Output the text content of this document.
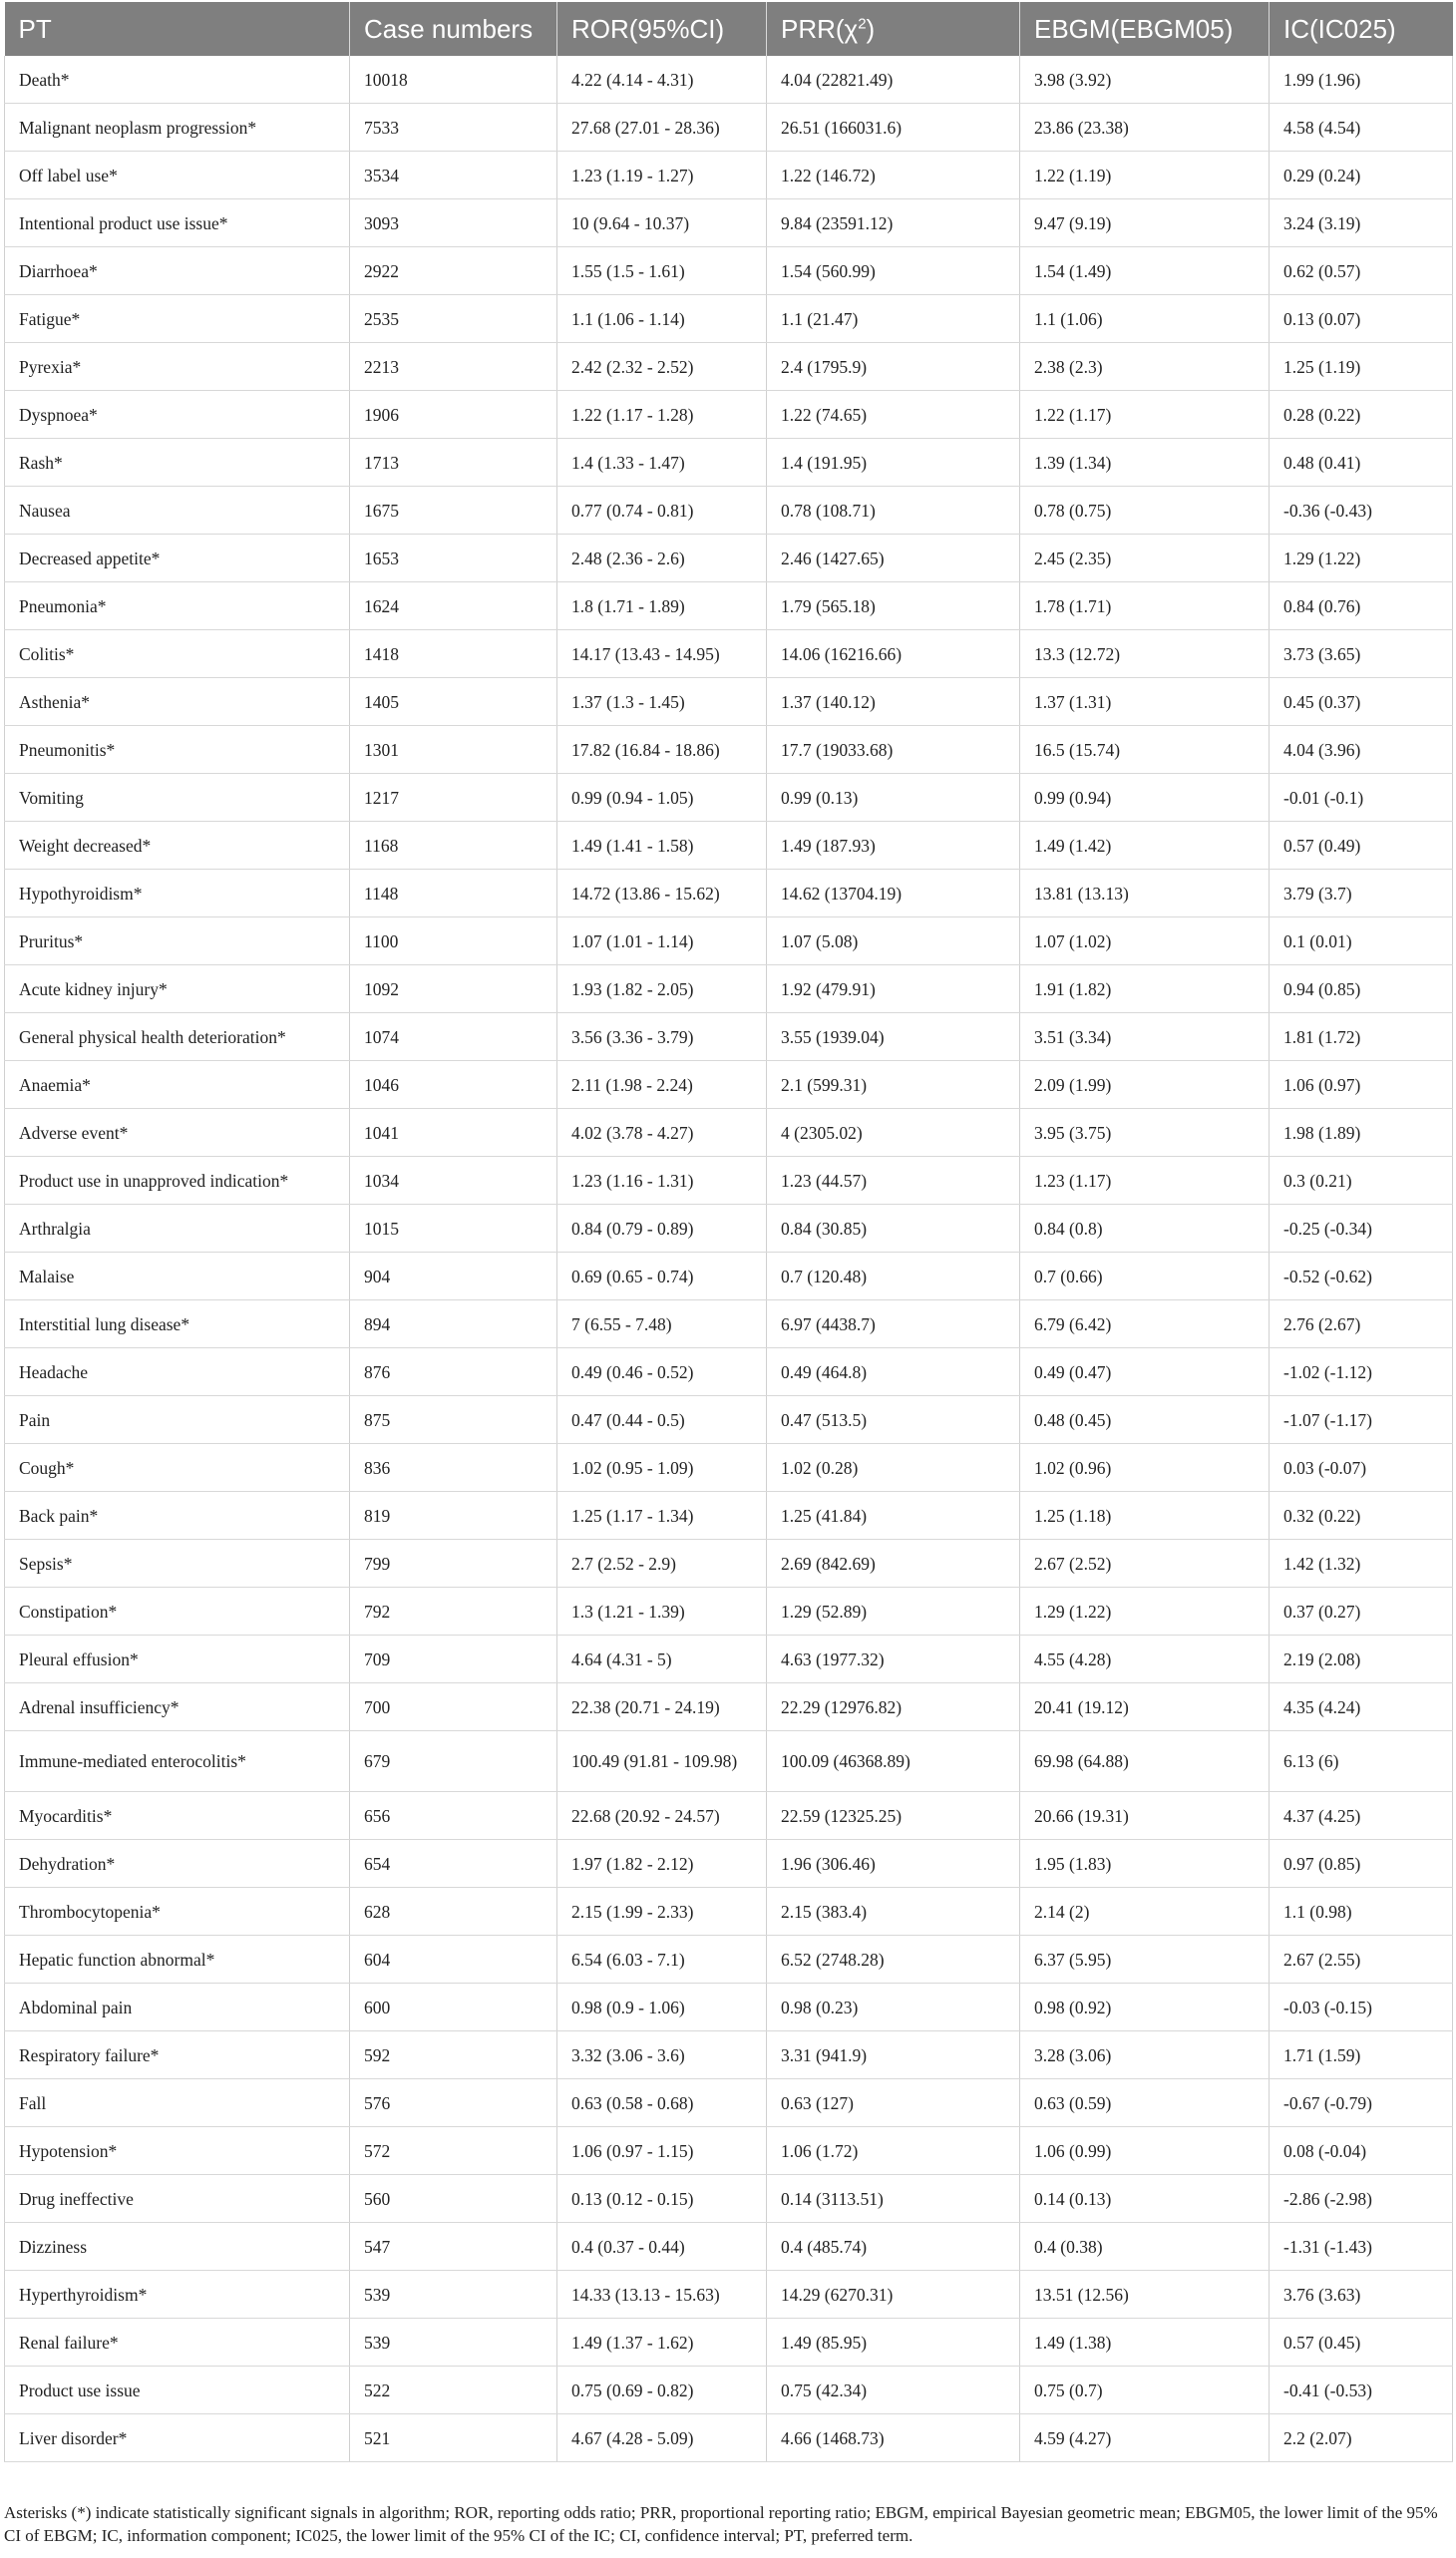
PT	Case numbers	ROR(95%CI)	$PRR(\chi^2)$	EBGM(EBGM05)	IC(IC025)
Death*	10018	4.22 (4.14 - 4.31)	4.04 (22821.49)	3.98 (3.92)	1.99 (1.96)
Malignant neoplasm progression*	7533	27.68 (27.01 - 28.36)	26.51 (166031.6)	23.86 (23.38)	4.58 (4.54)
Off label use*	3534	1.23 (1.19 - 1.27)	1.22 (146.72)	1.22 (1.19)	0.29 (0.24)
Intentional product use issue*	3093	10 (9.64 - 10.37)	9.84 (23591.12)	9.47 (9.19)	3.24 (3.19)
Diarrhoea*	2922	1.55 (1.5 - 1.61)	1.54 (560.99)	1.54 (1.49)	0.62 (0.57)
Fatigue*	2535	1.1 (1.06 - 1.14)	1.1 (21.47)	1.1 (1.06)	0.13 (0.07)
Pyrexia*	2213	2.42 (2.32 - 2.52)	2.4 (1795.9)	2.38 (2.3)	1.25 (1.19)
Dyspnoea*	1906	1.22 (1.17 - 1.28)	1.22 (74.65)	1.22 (1.17)	0.28 (0.22)
Rash*	1713	1.4 (1.33 - 1.47)	1.4 (191.95)	1.39 (1.34)	0.48 (0.41)
Nausea	1675	0.77 (0.74 - 0.81)	0.78 (108.71)	0.78 (0.75)	-0.36 (-0.43)
Decreased appetite*	1653	2.48 (2.36 - 2.6)	2.46 (1427.65)	2.45 (2.35)	1.29 (1.22)
Pneumonia*	1624	1.8 (1.71 - 1.89)	1.79 (565.18)	1.78 (1.71)	0.84 (0.76)
Colitis*	1418	14.17 (13.43 - 14.95)	14.06 (16216.66)	13.3 (12.72)	3.73 (3.65)
Asthenia*	1405	1.37 (1.3 - 1.45)	1.37 (140.12)	1.37 (1.31)	0.45 (0.37)
Pneumonitis*	1301	17.82 (16.84 - 18.86)	17.7 (19033.68)	16.5 (15.74)	4.04 (3.96)
Vomiting	1217	0.99 (0.94 - 1.05)	0.99 (0.13)	0.99 (0.94)	-0.01 (-0.1)
Weight decreased*	1168	1.49 (1.41 - 1.58)	1.49 (187.93)	1.49 (1.42)	0.57 (0.49)
Hypothyroidism*	1148	14.72 (13.86 - 15.62)	14.62 (13704.19)	13.81 (13.13)	3.79 (3.7)
Pruritus*	1100	1.07 (1.01 - 1.14)	1.07 (5.08)	1.07 (1.02)	0.1 (0.01)
Acute kidney injury*	1092	1.93 (1.82 - 2.05)	1.92 (479.91)	1.91 (1.82)	0.94 (0.85)
General physical health deterioration*	1074	3.56 (3.36 - 3.79)	3.55 (1939.04)	3.51 (3.34)	1.81 (1.72)
Anaemia*	1046	2.11 (1.98 - 2.24)	2.1 (599.31)	2.09 (1.99)	1.06 (0.97)
Adverse event*	1041	4.02 (3.78 - 4.27)	4 (2305.02)	3.95 (3.75)	1.98 (1.89)
Product use in unapproved indication*	1034	1.23 (1.16 - 1.31)	1.23 (44.57)	1.23 (1.17)	0.3 (0.21)
Arthralgia	1015	0.84 (0.79 - 0.89)	0.84 (30.85)	0.84 (0.8)	-0.25 (-0.34)
Malaise	904	0.69 (0.65 - 0.74)	0.7 (120.48)	0.7 (0.66)	-0.52 (-0.62)
Interstitial lung disease*	894	7 (6.55 - 7.48)	6.97 (4438.7)	6.79 (6.42)	2.76 (2.67)
Headache	876	0.49 (0.46 - 0.52)	0.49 (464.8)	0.49 (0.47)	-1.02 (-1.12)
Pain	875	0.47 (0.44 - 0.5)	0.47 (513.5)	0.48 (0.45)	-1.07 (-1.17)
Cough*	836	1.02 (0.95 - 1.09)	1.02 (0.28)	1.02 (0.96)	0.03 (-0.07)
Back pain*	819	1.25 (1.17 - 1.34)	1.25 (41.84)	1.25 (1.18)	0.32 (0.22)
Sepsis*	799	2.7 (2.52 - 2.9)	2.69 (842.69)	2.67 (2.52)	1.42 (1.32)
Constipation*	792	1.3 (1.21 - 1.39)	1.29 (52.89)	1.29 (1.22)	0.37 (0.27)
Pleural effusion*	709	4.64 (4.31 - 5)	4.63 (1977.32)	4.55 (4.28)	2.19 (2.08)
Adrenal insufficiency*	700	22.38 (20.71 - 24.19)	22.29 (12976.82)	20.41 (19.12)	4.35 (4.24)
Immune-mediated enterocolitis*	679	100.49 (91.81 - 109.98)	100.09 (46368.89)	69.98 (64.88)	6.13 (6)
Myocarditis*	656	22.68 (20.92 - 24.57)	22.59 (12325.25)	20.66 (19.31)	4.37 (4.25)
Dehydration*	654	1.97 (1.82 - 2.12)	1.96 (306.46)	1.95 (1.83)	0.97 (0.85)
Thrombocytopenia*	628	2.15 (1.99 - 2.33)	2.15 (383.4)	2.14 (2)	1.1 (0.98)
Hepatic function abnormal*	604	6.54 (6.03 - 7.1)	6.52 (2748.28)	6.37 (5.95)	2.67 (2.55)
Abdominal pain	600	0.98 (0.9 - 1.06)	0.98 (0.23)	0.98 (0.92)	-0.03 (-0.15)
Respiratory failure*	592	3.32 (3.06 - 3.6)	3.31 (941.9)	3.28 (3.06)	1.71 (1.59)
Fall	576	0.63 (0.58 - 0.68)	0.63 (127)	0.63 (0.59)	-0.67 (-0.79)
Hypotension*	572	1.06 (0.97 - 1.15)	1.06 (1.72)	1.06 (0.99)	0.08 (-0.04)
Drug ineffective	560	0.13 (0.12 - 0.15)	0.14 (3113.51)	0.14 (0.13)	-2.86 (-2.98)
Dizziness	547	0.4 (0.37 - 0.44)	0.4 (485.74)	0.4 (0.38)	-1.31 (-1.43)
Hyperthyroidism*	539	14.33 (13.13 - 15.63)	14.29 (6270.31)	13.51 (12.56)	3.76 (3.63)
Renal failure*	539	1.49 (1.37 - 1.62)	1.49 (85.95)	1.49 (1.38)	0.57 (0.45)
Product use issue	522	0.75 (0.69 - 0.82)	0.75 (42.34)	0.75 (0.7)	-0.41 (-0.53)
Liver disorder*	521	4.67 (4.28 - 5.09)	4.66 (1468.73)	4.59 (4.27)	2.2 (2.07)
Asterisks (*) indicate statistically significant signals in algorithm; ROR, reporting odds ratio; PRR, proportional reporting ratio; EBGM, empirical Bayesian geometric mean; EBGM05, the lower limit of the 95% CI of EBGM; IC, information component; IC025, the lower limit of the 95% CI of the IC; CI, confidence interval; PT, preferred term.
